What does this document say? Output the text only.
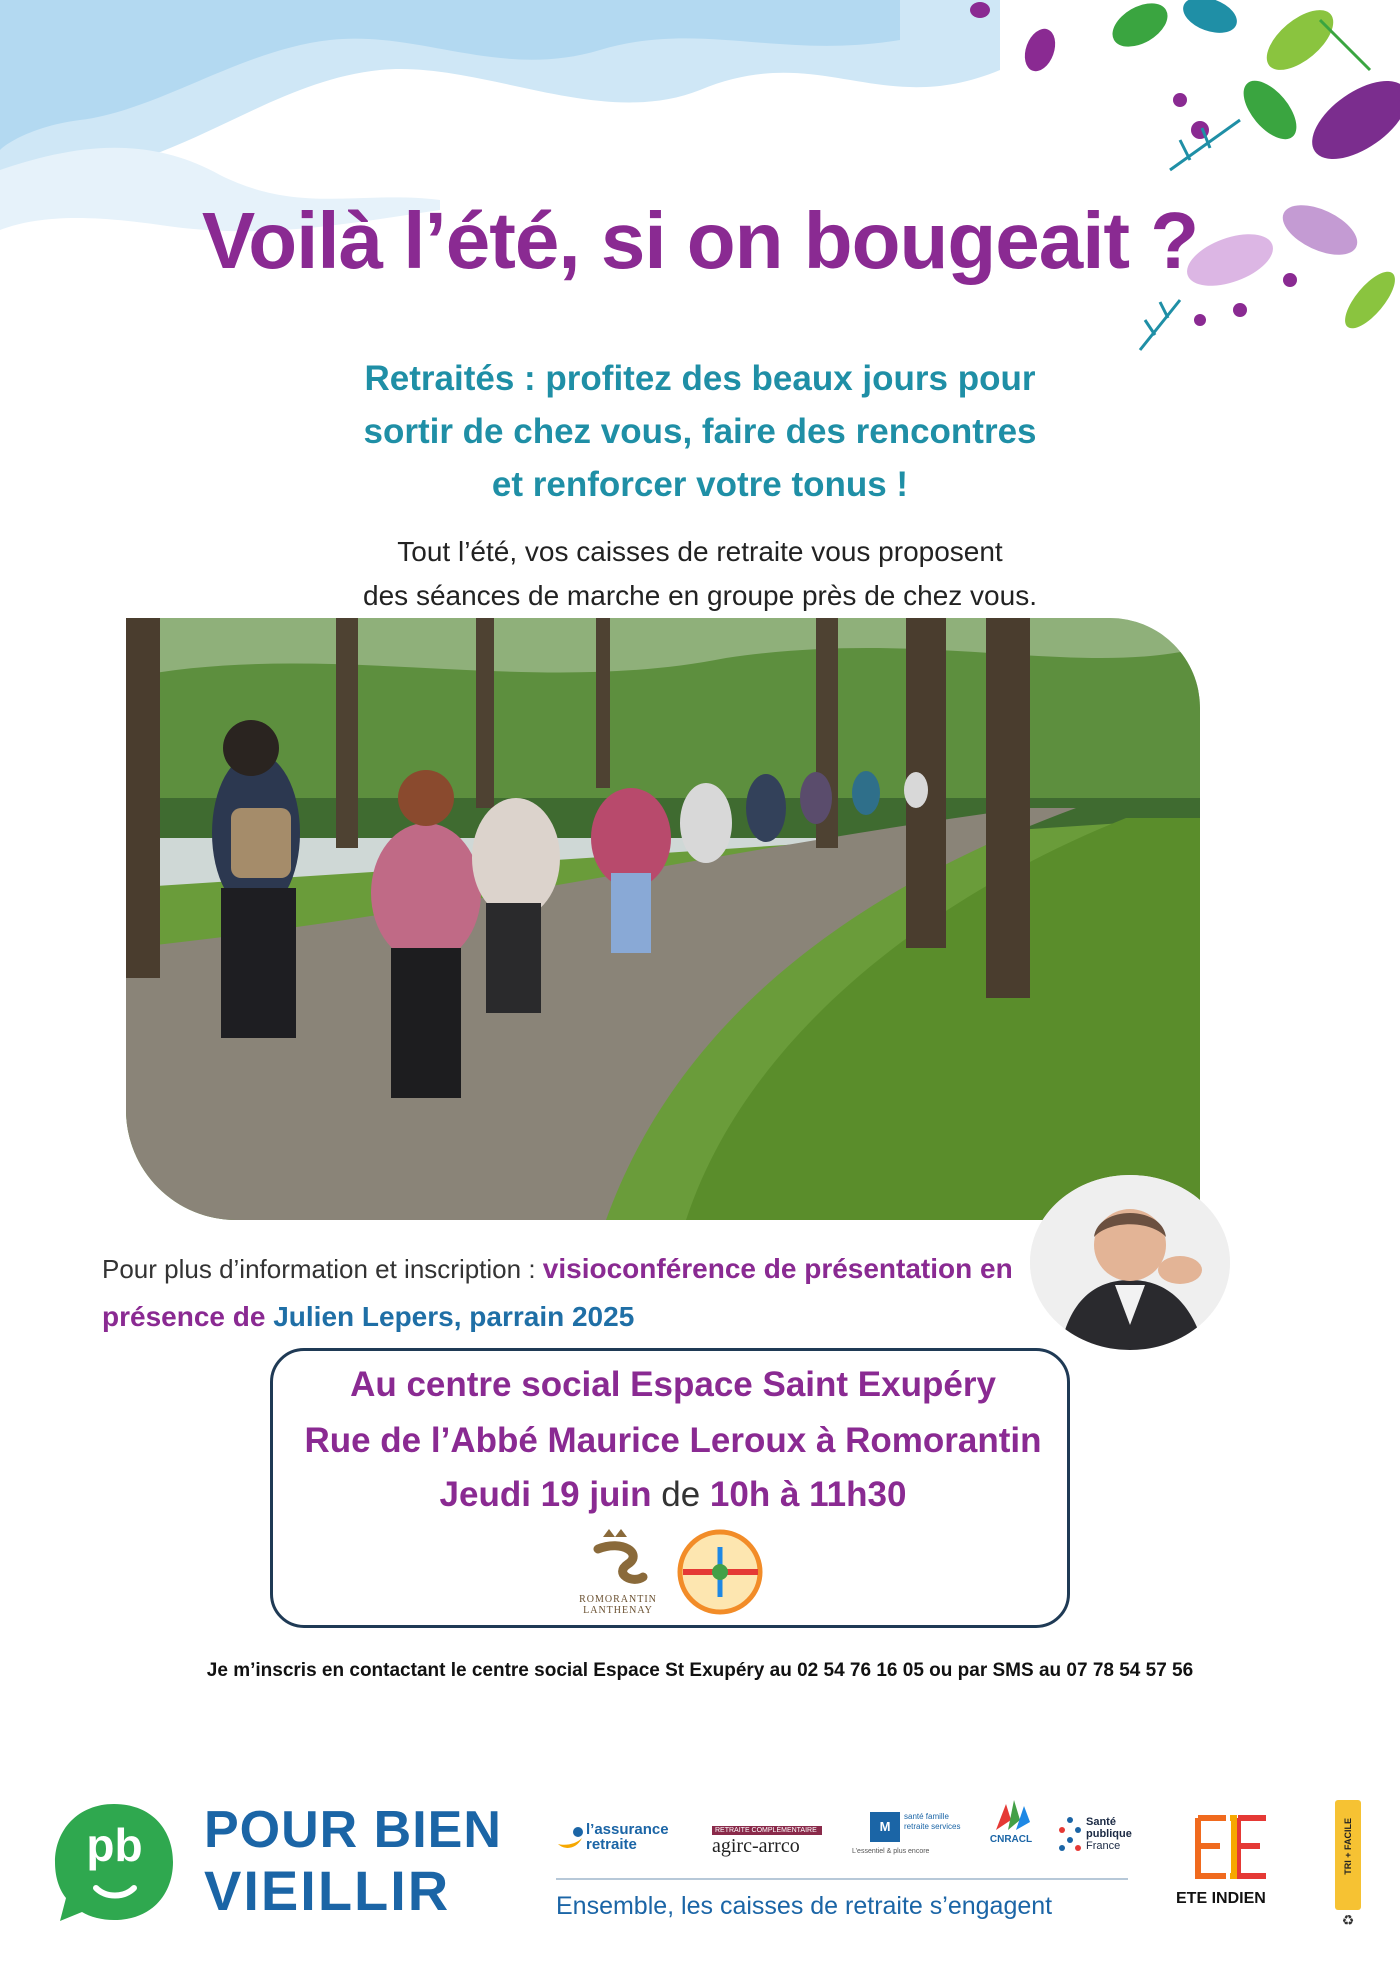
Voilà l’été, si on bougeait ?
Retraités : profitez des beaux jours pour
sortir de chez vous, faire des rencontres
et renforcer votre tonus !
Tout l’été, vos caisses de retraite vous proposent
des séances de marche en groupe près de chez vous.
Pour plus d’information et inscription : visioconférence de présentation en
présence de Julien Lepers, parrain 2025
Au centre social Espace Saint Exupéry
Rue de l’Abbé Maurice Leroux à Romorantin
Jeudi 19 juin de 10h à 11h30
ROMORANTIN
LANTHENAY
Je m’inscris en contactant le centre social Espace St Exupéry au 02 54 76 16 05 ou par SMS au 07 78 54 57 56
pb	POUR BIEN
VIEILLIR	Ensemble, les caisses de retraite s’engagent
l’assurance
retraite
RETRAITE COMPLÉMENTAIRE
agirc-arrco
M
santé famille retraite services
L’essentiel & plus encore
CNRACL
Santé
publique
France
ETE INDIEN
TRI + FACILE
♻
